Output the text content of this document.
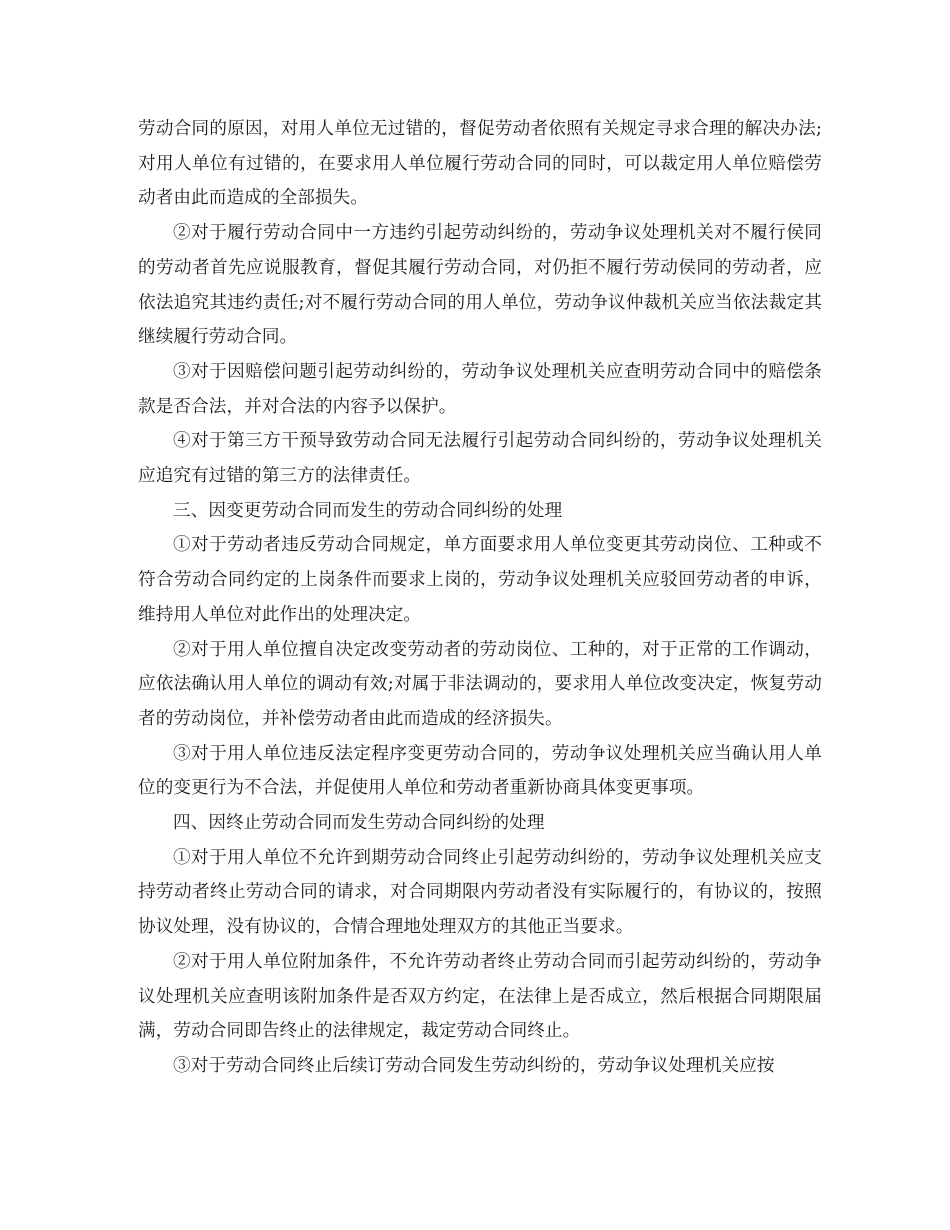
劳动合同的原因，对用人单位无过错的，督促劳动者依照有关规定寻求合理的解决办法;对用人单位有过错的，在要求用人单位履行劳动合同的同时，可以裁定用人单位赔偿劳动者由此而造成的全部损失。

②对于履行劳动合同中一方违约引起劳动纠纷的，劳动争议处理机关对不履行侯同的劳动者首先应说服教育，督促其履行劳动合同，对仍拒不履行劳动侯同的劳动者，应依法追究其违约责任;对不履行劳动合同的用人单位，劳动争议仲裁机关应当依法裁定其继续履行劳动合同。

③对于因赔偿问题引起劳动纠纷的，劳动争议处理机关应查明劳动合同中的赔偿条款是否合法，并对合法的内容予以保护。

④对于第三方干预导致劳动合同无法履行引起劳动合同纠纷的，劳动争议处理机关应追究有过错的第三方的法律责任。

三、因变更劳动合同而发生的劳动合同纠纷的处理

①对于劳动者违反劳动合同规定，单方面要求用人单位变更其劳动岗位、工种或不符合劳动合同约定的上岗条件而要求上岗的，劳动争议处理机关应驳回劳动者的申诉，维持用人单位对此作出的处理决定。

②对于用人单位擅自决定改变劳动者的劳动岗位、工种的，对于正常的工作调动，应依法确认用人单位的调动有效;对属于非法调动的，要求用人单位改变决定，恢复劳动者的劳动岗位，并补偿劳动者由此而造成的经济损失。

③对于用人单位违反法定程序变更劳动合同的，劳动争议处理机关应当确认用人单位的变更行为不合法，并促使用人单位和劳动者重新协商具体变更事项。

四、因终止劳动合同而发生劳动合同纠纷的处理

①对于用人单位不允许到期劳动合同终止引起劳动纠纷的，劳动争议处理机关应支持劳动者终止劳动合同的请求，对合同期限内劳动者没有实际履行的，有协议的，按照协议处理，没有协议的，合情合理地处理双方的其他正当要求。

②对于用人单位附加条件，不允许劳动者终止劳动合同而引起劳动纠纷的，劳动争议处理机关应查明该附加条件是否双方约定，在法律上是否成立，然后根据合同期限届满，劳动合同即告终止的法律规定，裁定劳动合同终止。

③对于劳动合同终止后续订劳动合同发生劳动纠纷的，劳动争议处理机关应按
